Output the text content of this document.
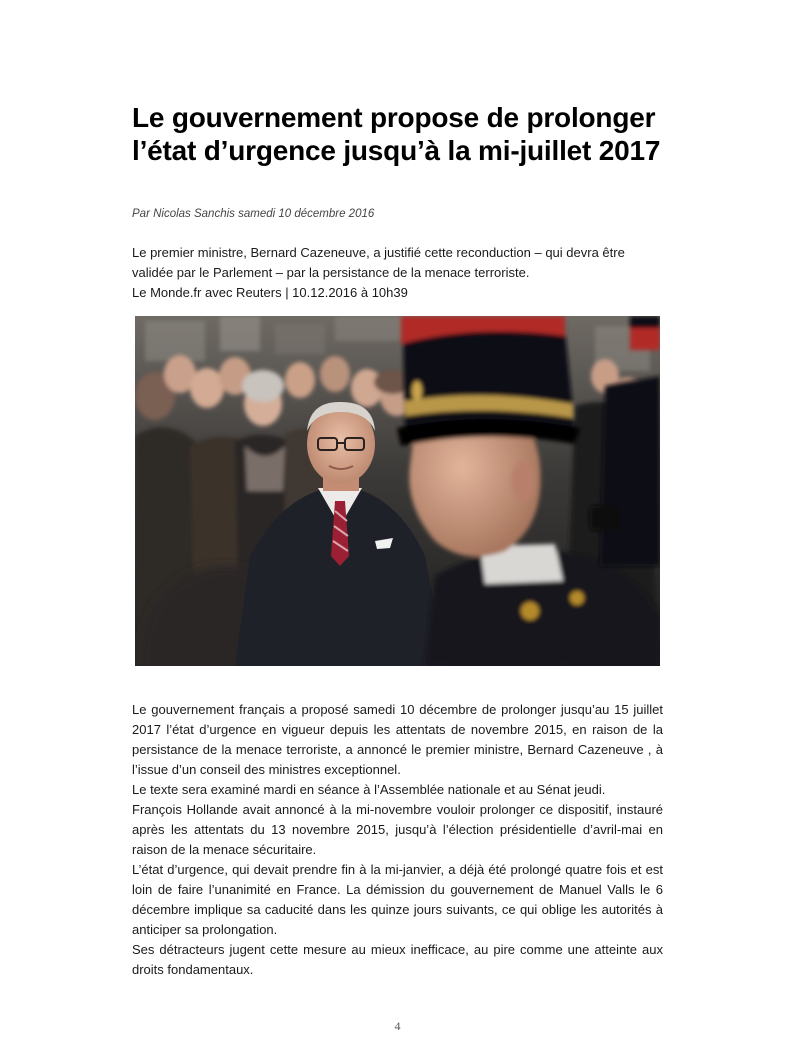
Le gouvernement propose de prolonger l’état d’urgence jusqu’à la mi-juillet 2017
Par Nicolas Sanchis samedi 10 décembre 2016

Le premier ministre, Bernard Cazeneuve, a justifié cette reconduction – qui devra être validée par le Parlement – par la persistance de la menace terroriste.

Le Monde.fr avec Reuters | 10.12.2016 à 10h39

Le gouvernement français a proposé samedi 10 décembre de prolonger jusqu’au 15 juillet 2017 l’état d’urgence en vigueur depuis les attentats de novembre 2015, en raison de la persistance de la menace terroriste, a annoncé le premier ministre, Bernard Cazeneuve , à l’issue d’un conseil des ministres exceptionnel.

Le texte sera examiné mardi en séance à l’Assemblée nationale et au Sénat jeudi.

François Hollande avait annoncé à la mi-novembre vouloir prolonger ce dispositif, instauré après les attentats du 13 novembre 2015, jusqu’à l’élection présidentielle d’avril-mai en raison de la menace sécuritaire.

L’état d’urgence, qui devait prendre fin à la mi-janvier, a déjà été prolongé quatre fois et est loin de faire l’unanimité en France. La démission du gouvernement de Manuel Valls le 6 décembre implique sa caducité dans les quinze jours suivants, ce qui oblige les autorités à anticiper sa prolongation.

Ses détracteurs jugent cette mesure au mieux inefficace, au pire comme une atteinte aux droits fondamentaux.

4
